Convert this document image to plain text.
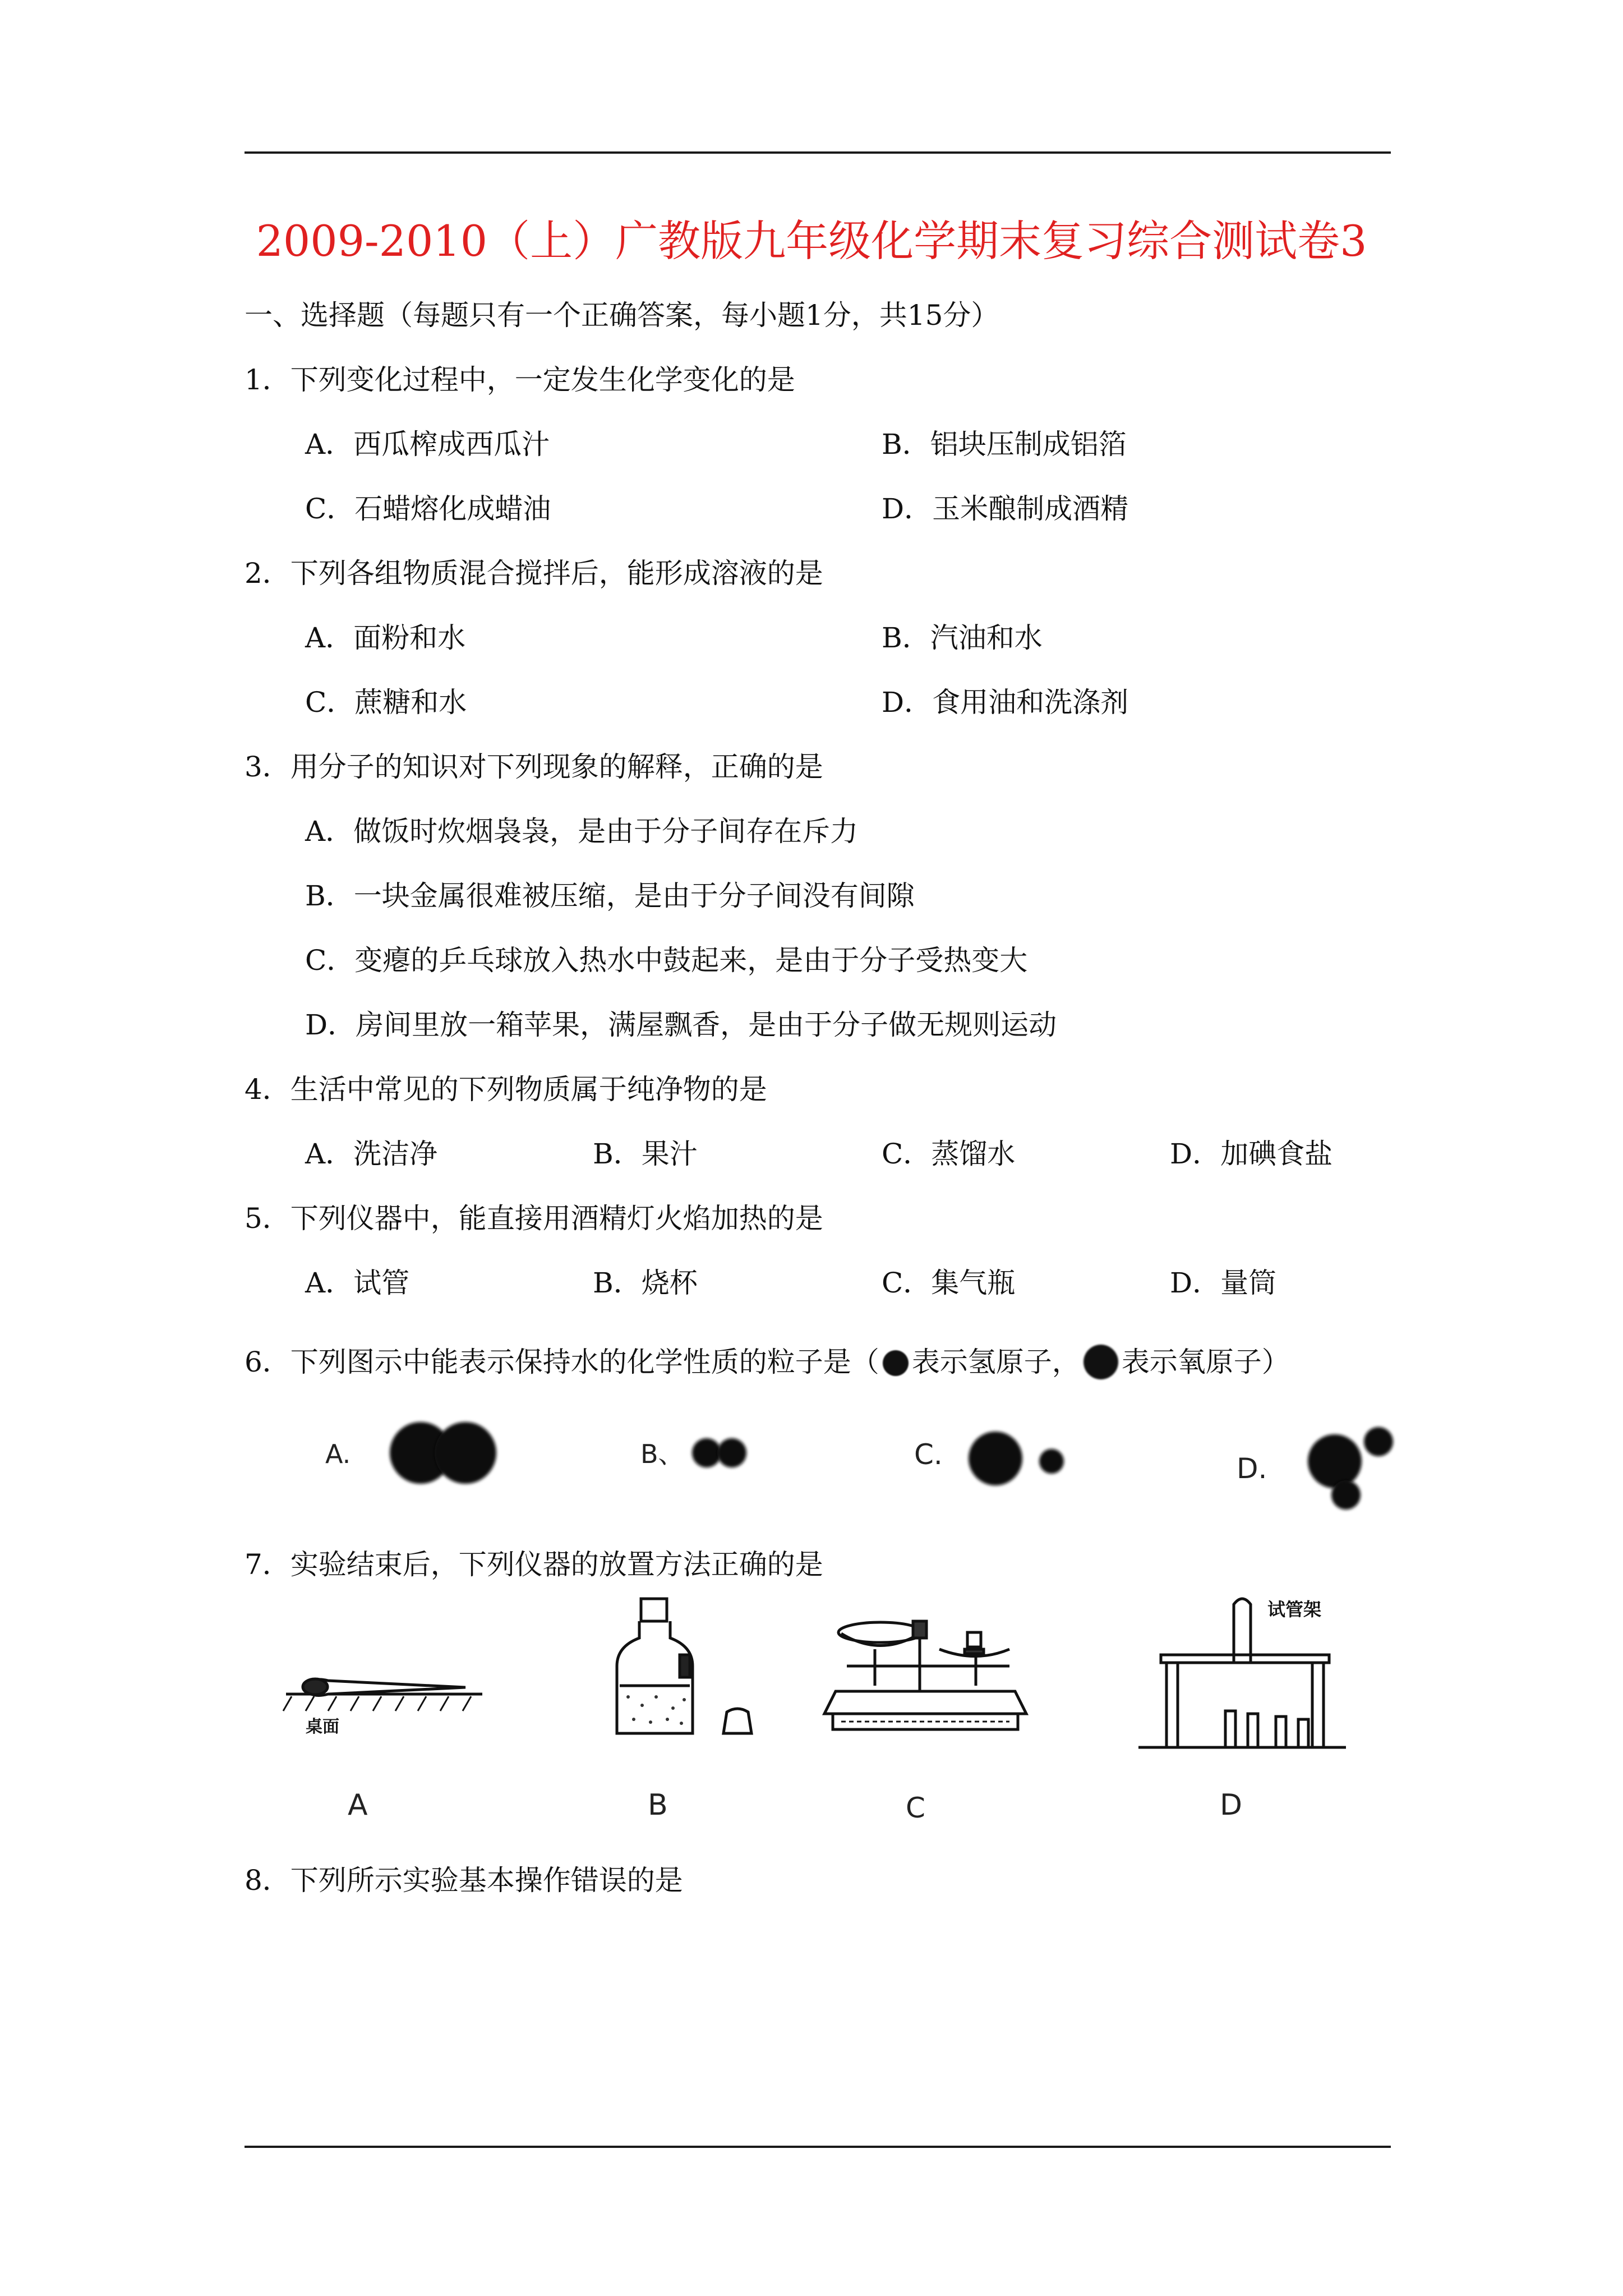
2009-2010（上）广教版九年级化学期末复习综合测试卷3
一、选择题（每题只有一个正确答案，每小题1分，共15分）
1．下列变化过程中，一定发生化学变化的是
A．西瓜榨成西瓜汁	B．铝块压制成铝箔
C．石蜡熔化成蜡油	D．玉米酿制成酒精
2．下列各组物质混合搅拌后，能形成溶液的是
A．面粉和水	B．汽油和水
C．蔗糖和水	D．食用油和洗涤剂
3．用分子的知识对下列现象的解释，正确的是
A．做饭时炊烟袅袅，是由于分子间存在斥力
B．一块金属很难被压缩，是由于分子间没有间隙
C．变瘪的乒乓球放入热水中鼓起来，是由于分子受热变大
D．房间里放一箱苹果，满屋飘香，是由于分子做无规则运动
4．生活中常见的下列物质属于纯净物的是
A．洗洁净	B．果汁	C．蒸馏水	D．加碘食盐
5．下列仪器中，能直接用酒精灯火焰加热的是
A．试管	B．烧杯	C．集气瓶	D．量筒
6．下列图示中能表示保持水的化学性质的粒子是（ 表示氢原子， 表示氧原子）
A.	B、	C.	D.
7．实验结束后，下列仪器的放置方法正确的是
桌面
A	B	C
试管架
D
8．下列所示实验基本操作错误的是
